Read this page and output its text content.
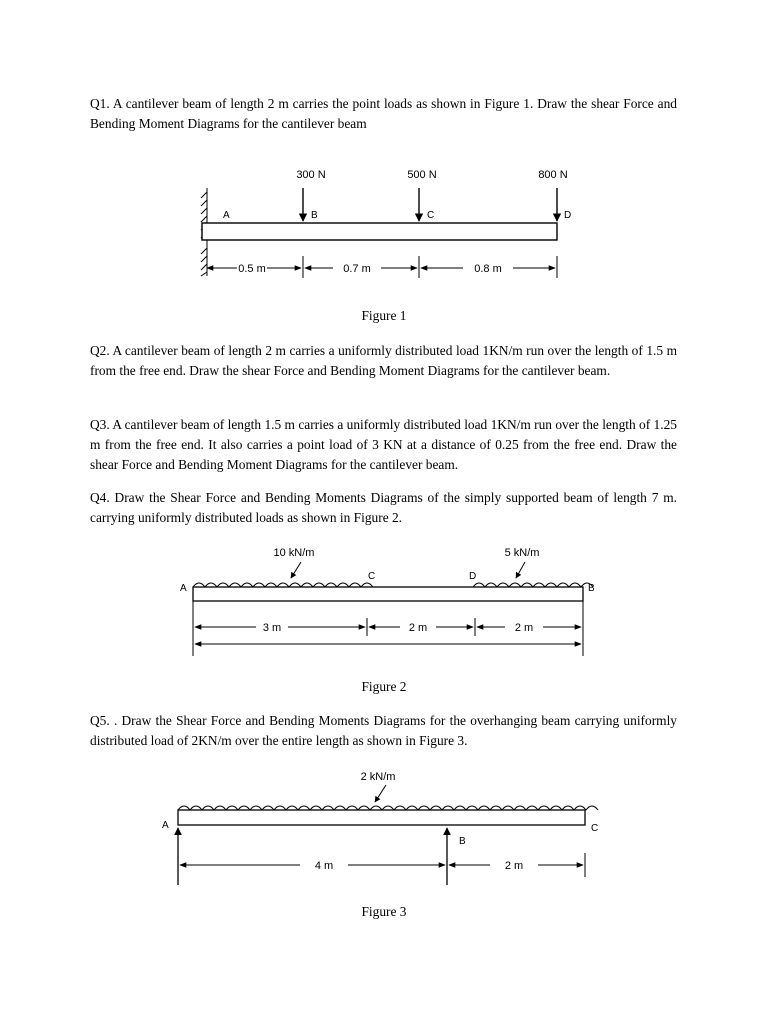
Q1. A cantilever beam of length 2 m carries the point loads as shown in Figure 1. Draw the shear Force and Bending Moment Diagrams for the cantilever beam

300 N	500 N	800 N
A	B	C	D
0.5 m	0.7 m	0.8 m

Figure 1

Q2. A cantilever beam of length 2 m carries a uniformly distributed load 1KN/m run over the length of 1.5 m from the free end. Draw the shear Force and Bending Moment Diagrams for the cantilever beam.

Q3. A cantilever beam of length 1.5 m carries a uniformly distributed load 1KN/m run over the length of 1.25 m from the free end. It also carries a point load of 3 KN at a distance of 0.25 from the free end. Draw the shear Force and Bending Moment Diagrams for the cantilever beam.

Q4. Draw the Shear Force and Bending Moments Diagrams of the simply supported beam of length 7 m. carrying uniformly distributed loads as shown in Figure 2.

10 kN/m	5 kN/m
A
C	D
B
3 m	2 m	2 m

Figure 2

Q5. . Draw the Shear Force and Bending Moments Diagrams for the overhanging beam carrying uniformly distributed load of 2KN/m over the entire length as shown in Figure 3.

2 kN/m
A
B
C
4 m	2 m

Figure 3
